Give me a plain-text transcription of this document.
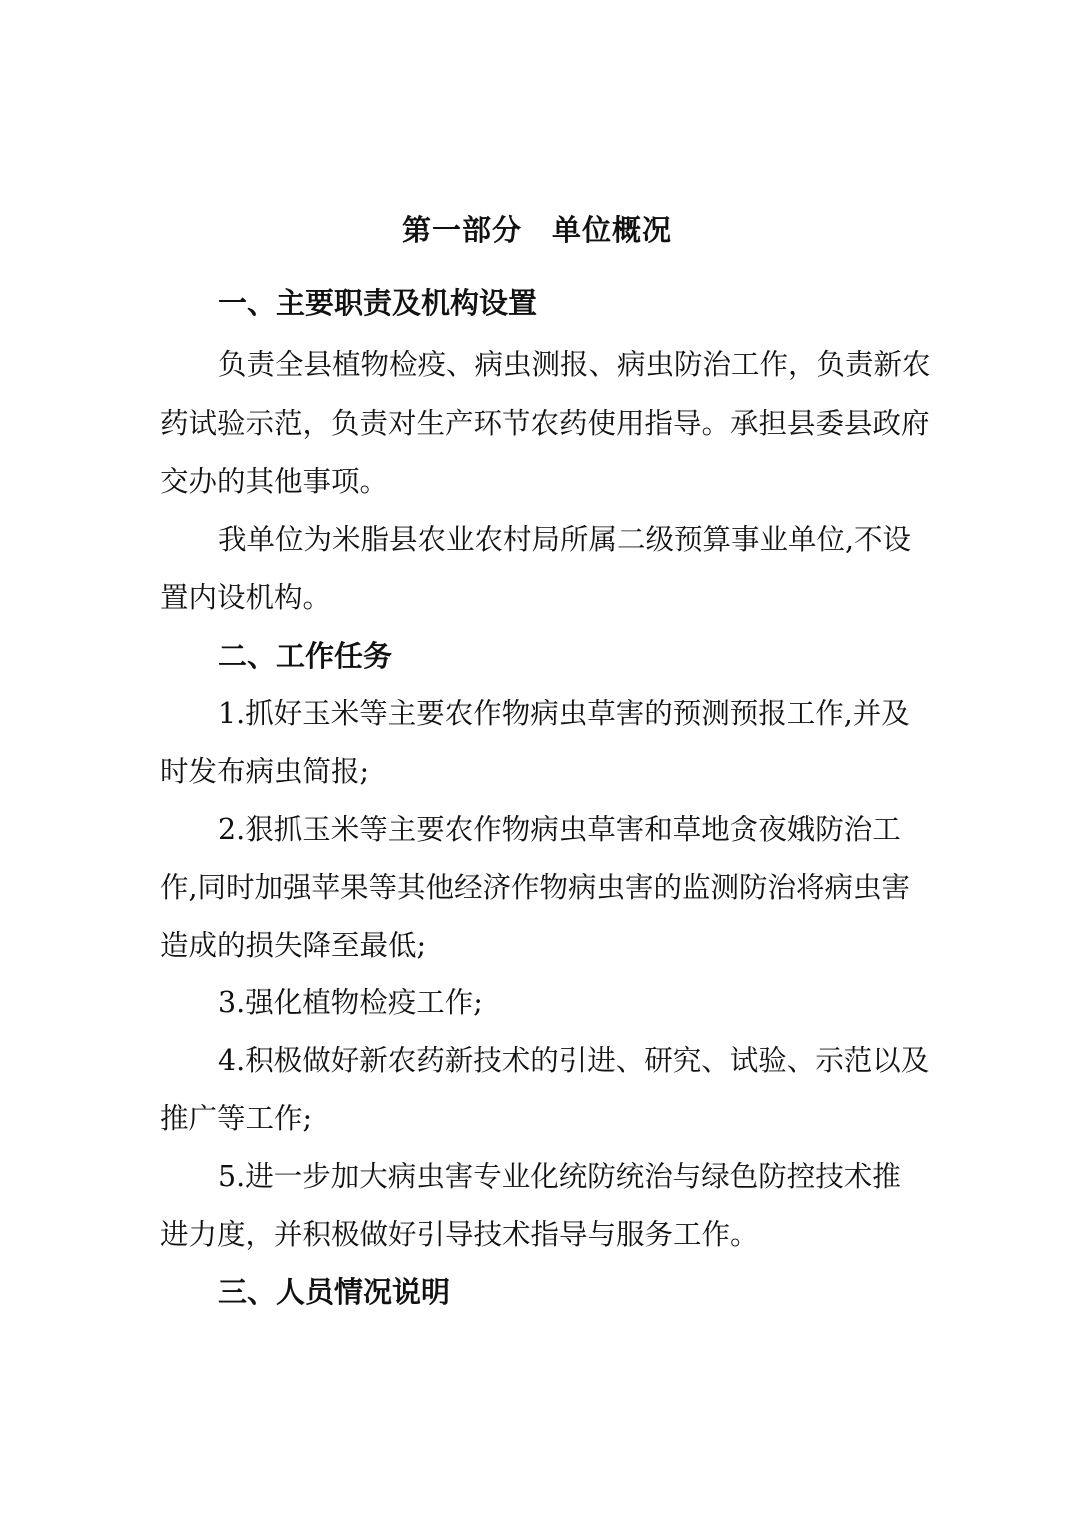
第一部分　单位概况
一、主要职责及机构设置
负责全县植物检疫、病虫测报、病虫防治工作，负责新农
药试验示范，负责对生产环节农药使用指导。承担县委县政府
交办的其他事项。
我单位为米脂县农业农村局所属二级预算事业单位,不设
置内设机构。
二、工作任务
1.抓好玉米等主要农作物病虫草害的预测预报工作,并及
时发布病虫简报;
2.狠抓玉米等主要农作物病虫草害和草地贪夜娥防治工
作,同时加强苹果等其他经济作物病虫害的监测防治将病虫害
造成的损失降至最低;
3.强化植物检疫工作;
4.积极做好新农药新技术的引进、研究、试验、示范以及
推广等工作;
5.进一步加大病虫害专业化统防统治与绿色防控技术推
进力度，并积极做好引导技术指导与服务工作。
三、人员情况说明
